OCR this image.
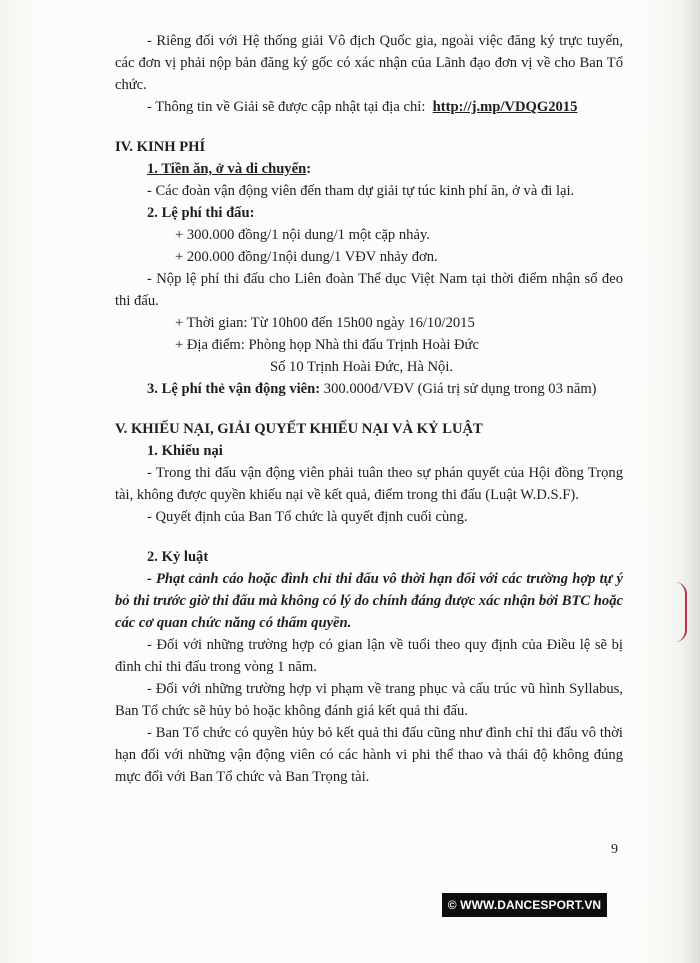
- Riêng đối với Hệ thống giải Vô địch Quốc gia, ngoài việc đăng ký trực tuyến, các đơn vị phải nộp bản đăng ký gốc có xác nhận của Lãnh đạo đơn vị về cho Ban Tổ chức.

- Thông tin về Giải sẽ được cập nhật tại địa chỉ: http://j.mp/VDQG2015

IV. KINH PHÍ

1. Tiền ăn, ở và di chuyển:

- Các đoàn vận động viên đến tham dự giải tự túc kinh phí ăn, ở và đi lại.

2. Lệ phí thi đấu:

+ 300.000 đồng/1 nội dung/1 một cặp nhảy.

+ 200.000 đồng/1nội dung/1 VĐV nhảy đơn.

- Nộp lệ phí thi đấu cho Liên đoàn Thể dục Việt Nam tại thời điểm nhận số đeo thi đấu.

+ Thời gian: Từ 10h00 đến 15h00 ngày 16/10/2015

+ Địa điểm: Phòng họp Nhà thi đấu Trịnh Hoài Đức

Số 10 Trịnh Hoài Đức, Hà Nội.

3. Lệ phí thẻ vận động viên: 300.000đ/VĐV (Giá trị sử dụng trong 03 năm)

V. KHIẾU NẠI, GIẢI QUYẾT KHIẾU NẠI VÀ KỶ LUẬT

1. Khiếu nại

- Trong thi đấu vận động viên phải tuân theo sự phán quyết của Hội đồng Trọng tài, không được quyền khiếu nại về kết quả, điểm trong thi đấu (Luật W.D.S.F).

- Quyết định của Ban Tổ chức là quyết định cuối cùng.

2. Kỷ luật

- Phạt cảnh cáo hoặc đình chỉ thi đấu vô thời hạn đối với các trường hợp tự ý bỏ thi trước giờ thi đấu mà không có lý do chính đáng được xác nhận bởi BTC hoặc các cơ quan chức năng có thẩm quyền.

- Đối với những trường hợp có gian lận về tuổi theo quy định của Điều lệ sẽ bị đình chỉ thi đấu trong vòng 1 năm.

- Đối với những trường hợp vi phạm về trang phục và cấu trúc vũ hình Syllabus, Ban Tổ chức sẽ hủy bỏ hoặc không đánh giá kết quả thi đấu.

- Ban Tổ chức có quyền hủy bỏ kết quả thi đấu cũng như đình chỉ thi đấu vô thời hạn đối với những vận động viên có các hành vi phi thể thao và thái độ không đúng mực đối với Ban Tổ chức và Ban Trọng tài.

9
© WWW.DANCESPORT.VN
